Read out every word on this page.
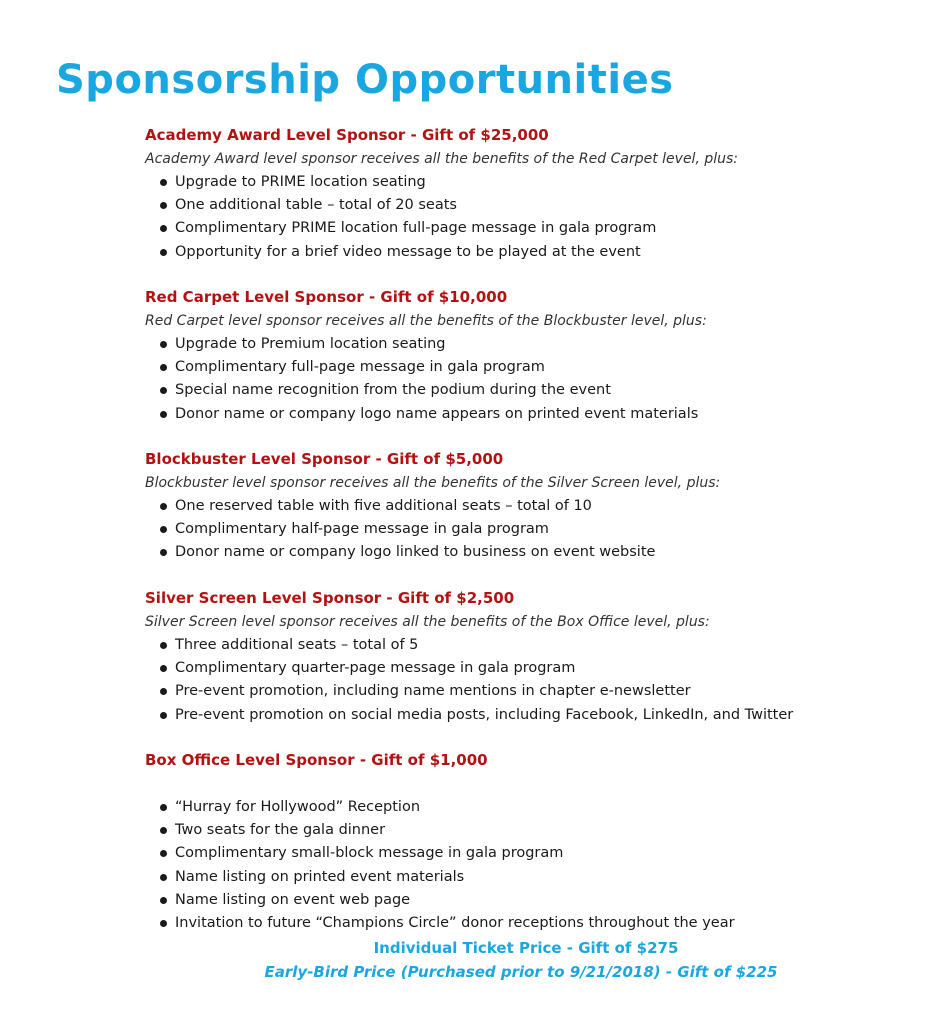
Sponsorship Opportunities
Academy Award Level Sponsor - Gift of $25,000

Academy Award level sponsor receives all the benefits of the Red Carpet level, plus:

Upgrade to PRIME location seating
One additional table – total of 20 seats
Complimentary PRIME location full-page message in gala program
Opportunity for a brief video message to be played at the event
Red Carpet Level Sponsor - Gift of $10,000

Red Carpet level sponsor receives all the benefits of the Blockbuster level, plus:

Upgrade to Premium location seating
Complimentary full-page message in gala program
Special name recognition from the podium during the event
Donor name or company logo name appears on printed event materials
Blockbuster Level Sponsor - Gift of $5,000

Blockbuster level sponsor receives all the benefits of the Silver Screen level, plus:

One reserved table with five additional seats – total of 10
Complimentary half-page message in gala program
Donor name or company logo linked to business on event website
Silver Screen Level Sponsor - Gift of $2,500

Silver Screen level sponsor receives all the benefits of the Box Office level, plus:

Three additional seats – total of 5
Complimentary quarter-page message in gala program
Pre-event promotion, including name mentions in chapter e-newsletter
Pre-event promotion on social media posts, including Facebook, LinkedIn, and Twitter
Box Office Level Sponsor - Gift of $1,000
“Hurray for Hollywood” Reception
Two seats for the gala dinner
Complimentary small-block message in gala program
Name listing on printed event materials
Name listing on event web page
Invitation to future “Champions Circle” donor receptions throughout the year

Individual Ticket Price - Gift of $275

Early-Bird Price (Purchased prior to 9/21/2018) - Gift of $225
